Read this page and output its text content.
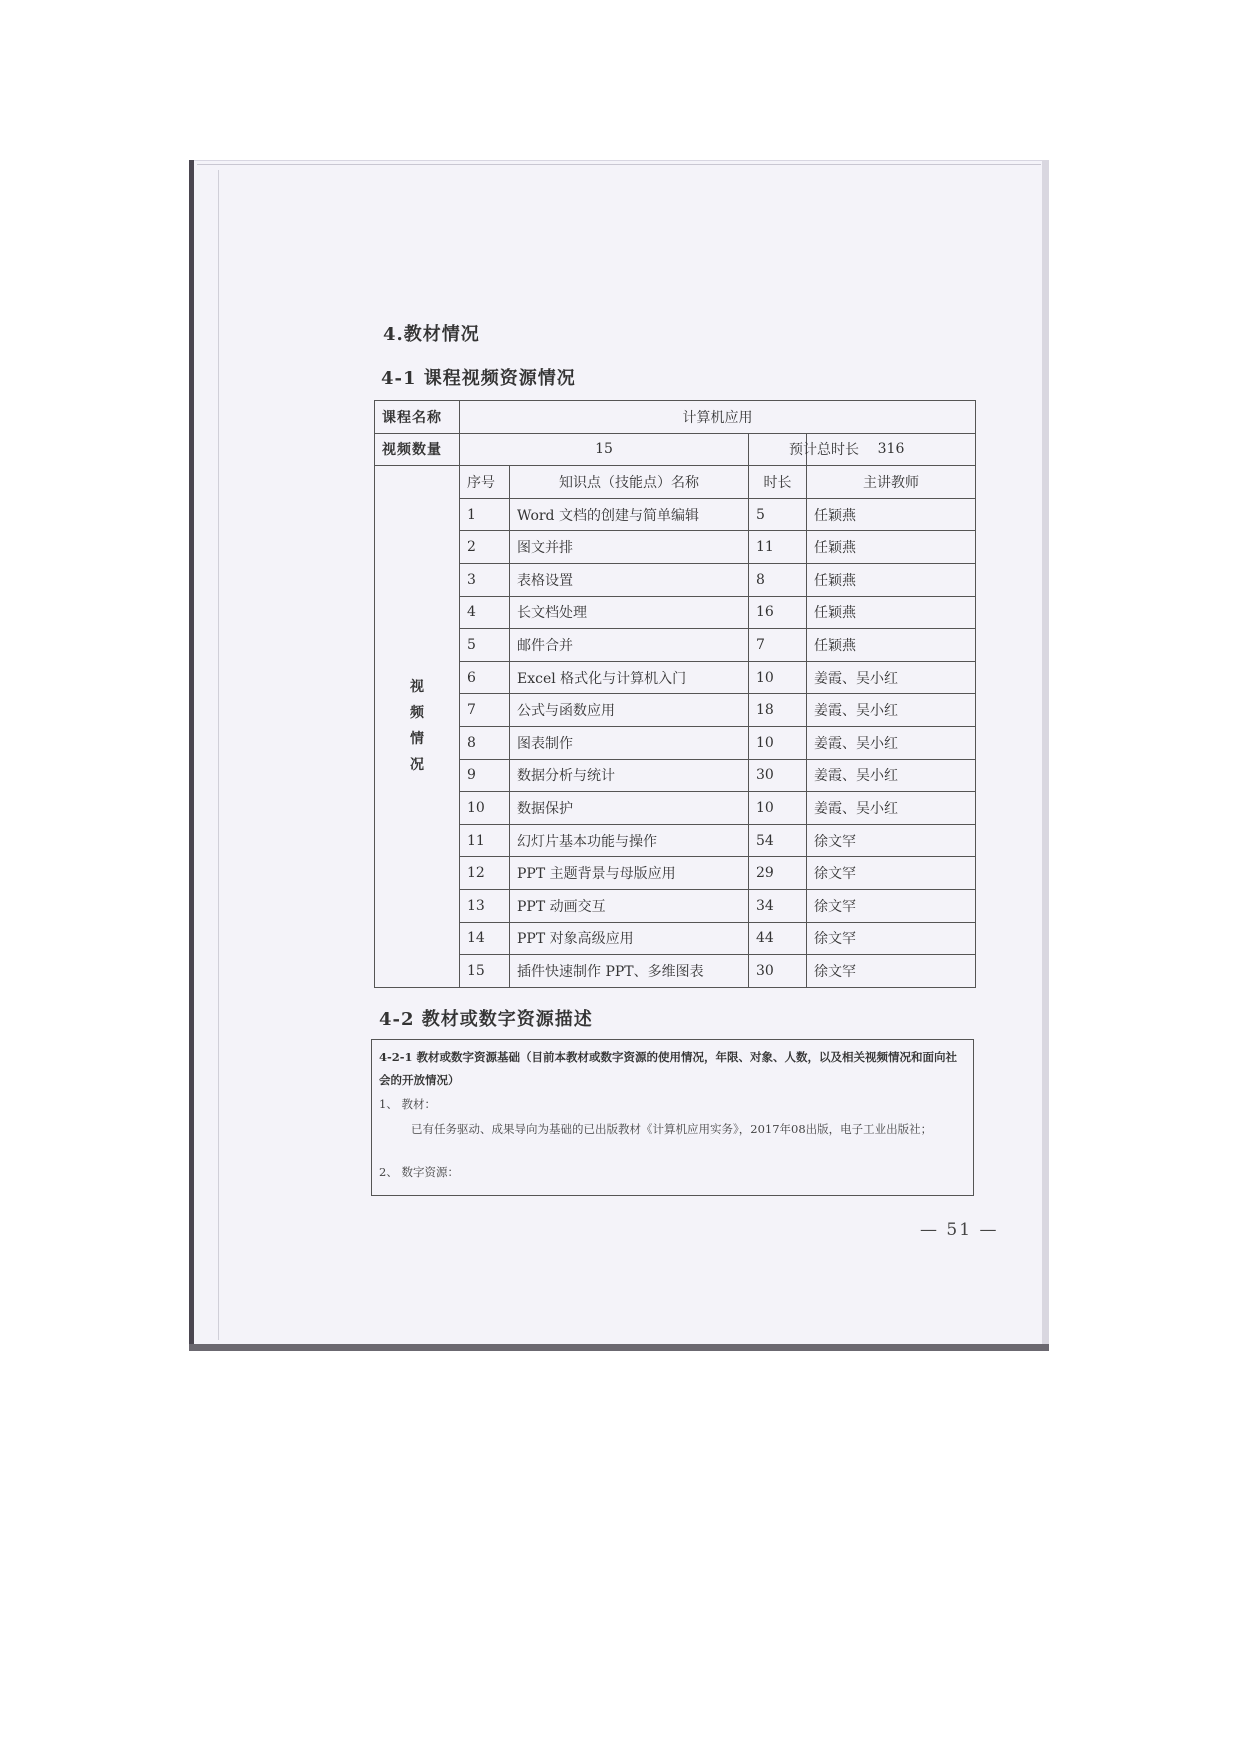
4.教材情况
4-1 课程视频资源情况
课程名称	计算机应用			
视频数量	15		预计总时长	316

视
频
情
况	序号	知识点（技能点）名称	时长	主讲教师
	1	Word 文档的创建与简单编辑	5	任颖燕
	2	图文并排	11	任颖燕
	3	表格设置	8	任颖燕
	4	长文档处理	16	任颖燕
	5	邮件合并	7	任颖燕
	6	Excel 格式化与计算机入门	10	姜霞、吴小红
	7	公式与函数应用	18	姜霞、吴小红
	8	图表制作	10	姜霞、吴小红
	9	数据分析与统计	30	姜霞、吴小红
	10	数据保护	10	姜霞、吴小红
	11	幻灯片基本功能与操作	54	徐文罕
	12	PPT 主题背景与母版应用	29	徐文罕
	13	PPT 动画交互	34	徐文罕
	14	PPT 对象高级应用	44	徐文罕
	15	插件快速制作 PPT、多维图表	30	徐文罕
4-2 教材或数字资源描述
4-2-1 教材或数字资源基础（目前本教材或数字资源的使用情况，年限、对象、人数，以及相关视频情况和面向社会的开放情况）
1、 教材：
已有任务驱动、成果导向为基础的已出版教材《计算机应用实务》，2017年08出版，电子工业出版社；
2、 数字资源：
— 51 —
